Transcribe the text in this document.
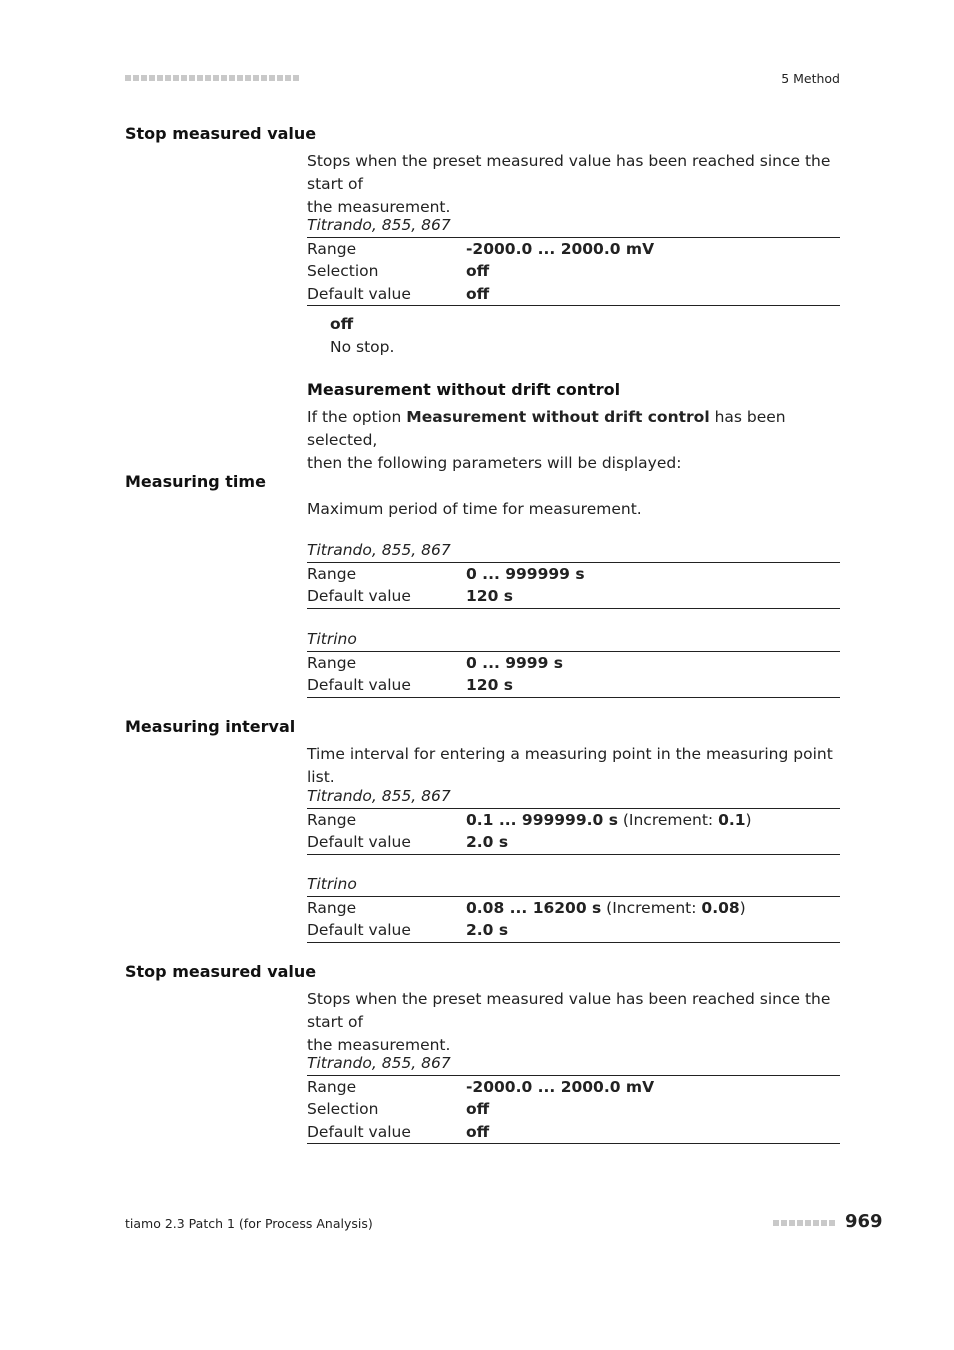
5 Method
Stop measured value
Stops when the preset measured value has been reached since the start of
the measurement.
Titrando, 855, 867
Range	-2000.0 ... 2000.0 mV
Selection	off
Default value	off
off
No stop.
Measurement without drift control
If the option Measurement without drift control has been selected,
then the following parameters will be displayed:
Measuring time
Maximum period of time for measurement.
Titrando, 855, 867
Range	0 ... 999999 s
Default value	120 s
Titrino
Range	0 ... 9999 s
Default value	120 s
Measuring interval
Time interval for entering a measuring point in the measuring point list.
Titrando, 855, 867
Range	0.1 ... 999999.0 s (Increment: 0.1)
Default value	2.0 s
Titrino
Range	0.08 ... 16200 s (Increment: 0.08)
Default value	2.0 s
Stop measured value
Stops when the preset measured value has been reached since the start of
the measurement.
Titrando, 855, 867
Range	-2000.0 ... 2000.0 mV
Selection	off
Default value	off
tiamo 2.3 Patch 1 (for Process Analysis)	969
